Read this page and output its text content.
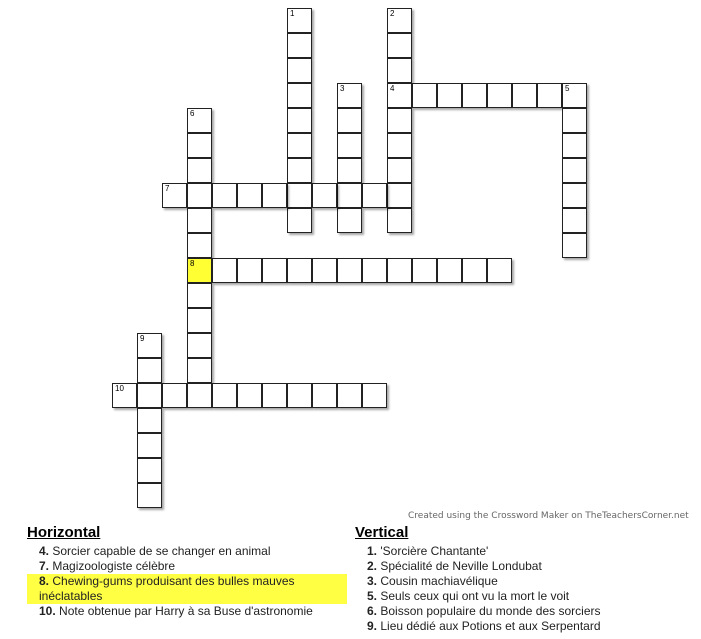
1	2
4	5
3
6
7
8
9
10
Created using the Crossword Maker on TheTeachersCorner.net
Horizontal
4. Sorcier capable de se changer en animal
7. Magizoologiste célèbre
8. Chewing-gums produisant des bulles mauves inéclatables
10. Note obtenue par Harry à sa Buse d'astronomie
Vertical
1. 'Sorcière Chantante'
2. Spécialité de Neville Londubat
3. Cousin machiavélique
5. Seuls ceux qui ont vu la mort le voit
6. Boisson populaire du monde des sorciers
9. Lieu dédié aux Potions et aux Serpentard
